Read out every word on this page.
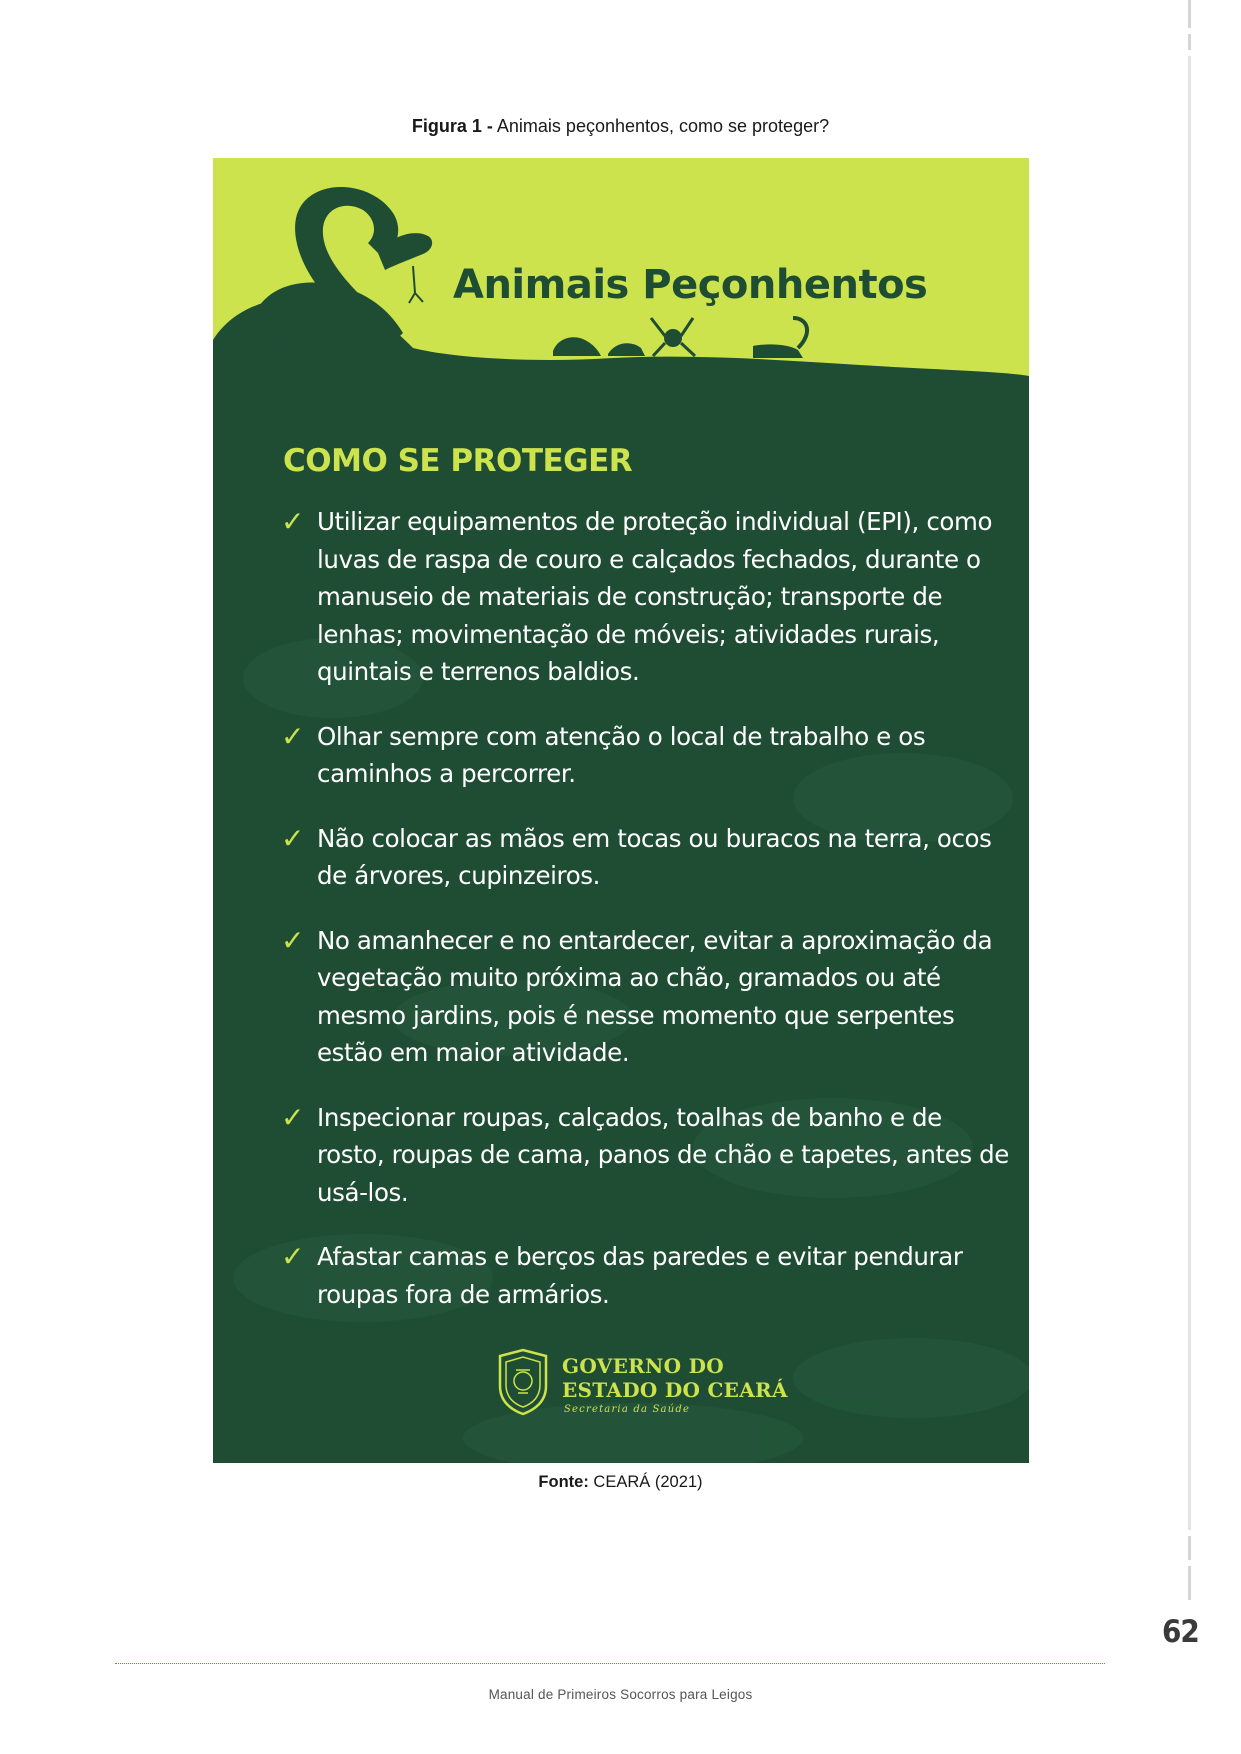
Figura 1 - Animais peçonhentos, como se proteger?
Animais Peçonhentos
COMO SE PROTEGER
✓ Utilizar equipamentos de proteção individual (EPI), como luvas de raspa de couro e calçados fechados, durante o manuseio de materiais de construção; transporte de lenhas; movimentação de móveis; atividades rurais, quintais e terrenos baldios.
✓ Olhar sempre com atenção o local de trabalho e os caminhos a percorrer.
✓ Não colocar as mãos em tocas ou buracos na terra, ocos de árvores, cupinzeiros.
✓ No amanhecer e no entardecer, evitar a aproximação da vegetação muito próxima ao chão, gramados ou até mesmo jardins, pois é nesse momento que serpentes estão em maior atividade.
✓ Inspecionar roupas, calçados, toalhas de banho e de rosto, roupas de cama, panos de chão e tapetes, antes de usá-los.
✓ Afastar camas e berços das paredes e evitar pendurar roupas fora de armários.
GOVERNO DO
ESTADO DO CEARÁ
Secretaria da Saúde
Fonte: CEARÁ (2021)
62
Manual de Primeiros Socorros para Leigos
